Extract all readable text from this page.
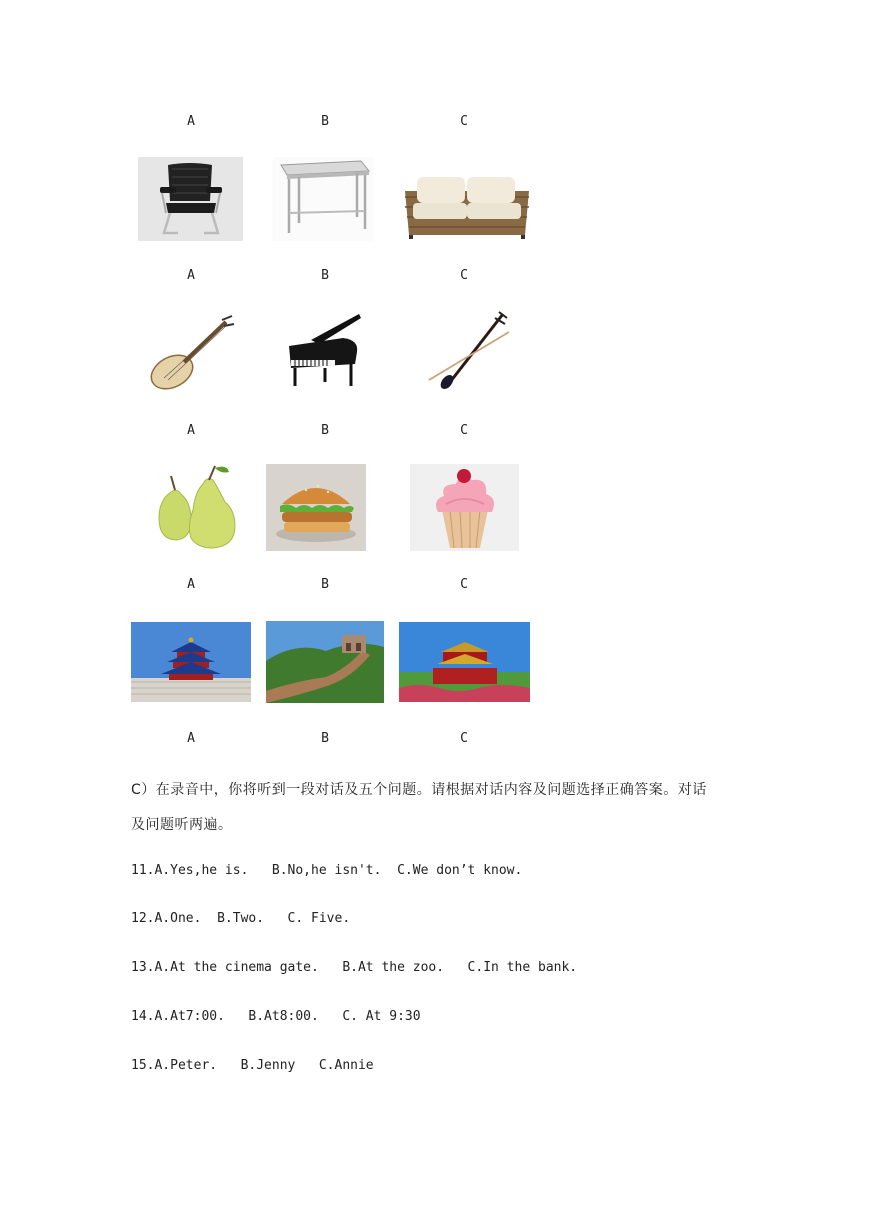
A	B	C
A	B	C
A	B	C
A	B	C
A	B	C
C）在录音中，你将听到一段对话及五个问题。请根据对话内容及问题选择正确答案。对话
及问题听两遍。
11.A.Yes,he is.   B.No,he isn't.  C.We don’t know.
12.A.One.  B.Two.   C. Five.
13.A.At the cinema gate.   B.At the zoo.   C.In the bank.
14.A.At7:00.   B.At8:00.   C. At 9:30
15.A.Peter.   B.Jenny   C.Annie
